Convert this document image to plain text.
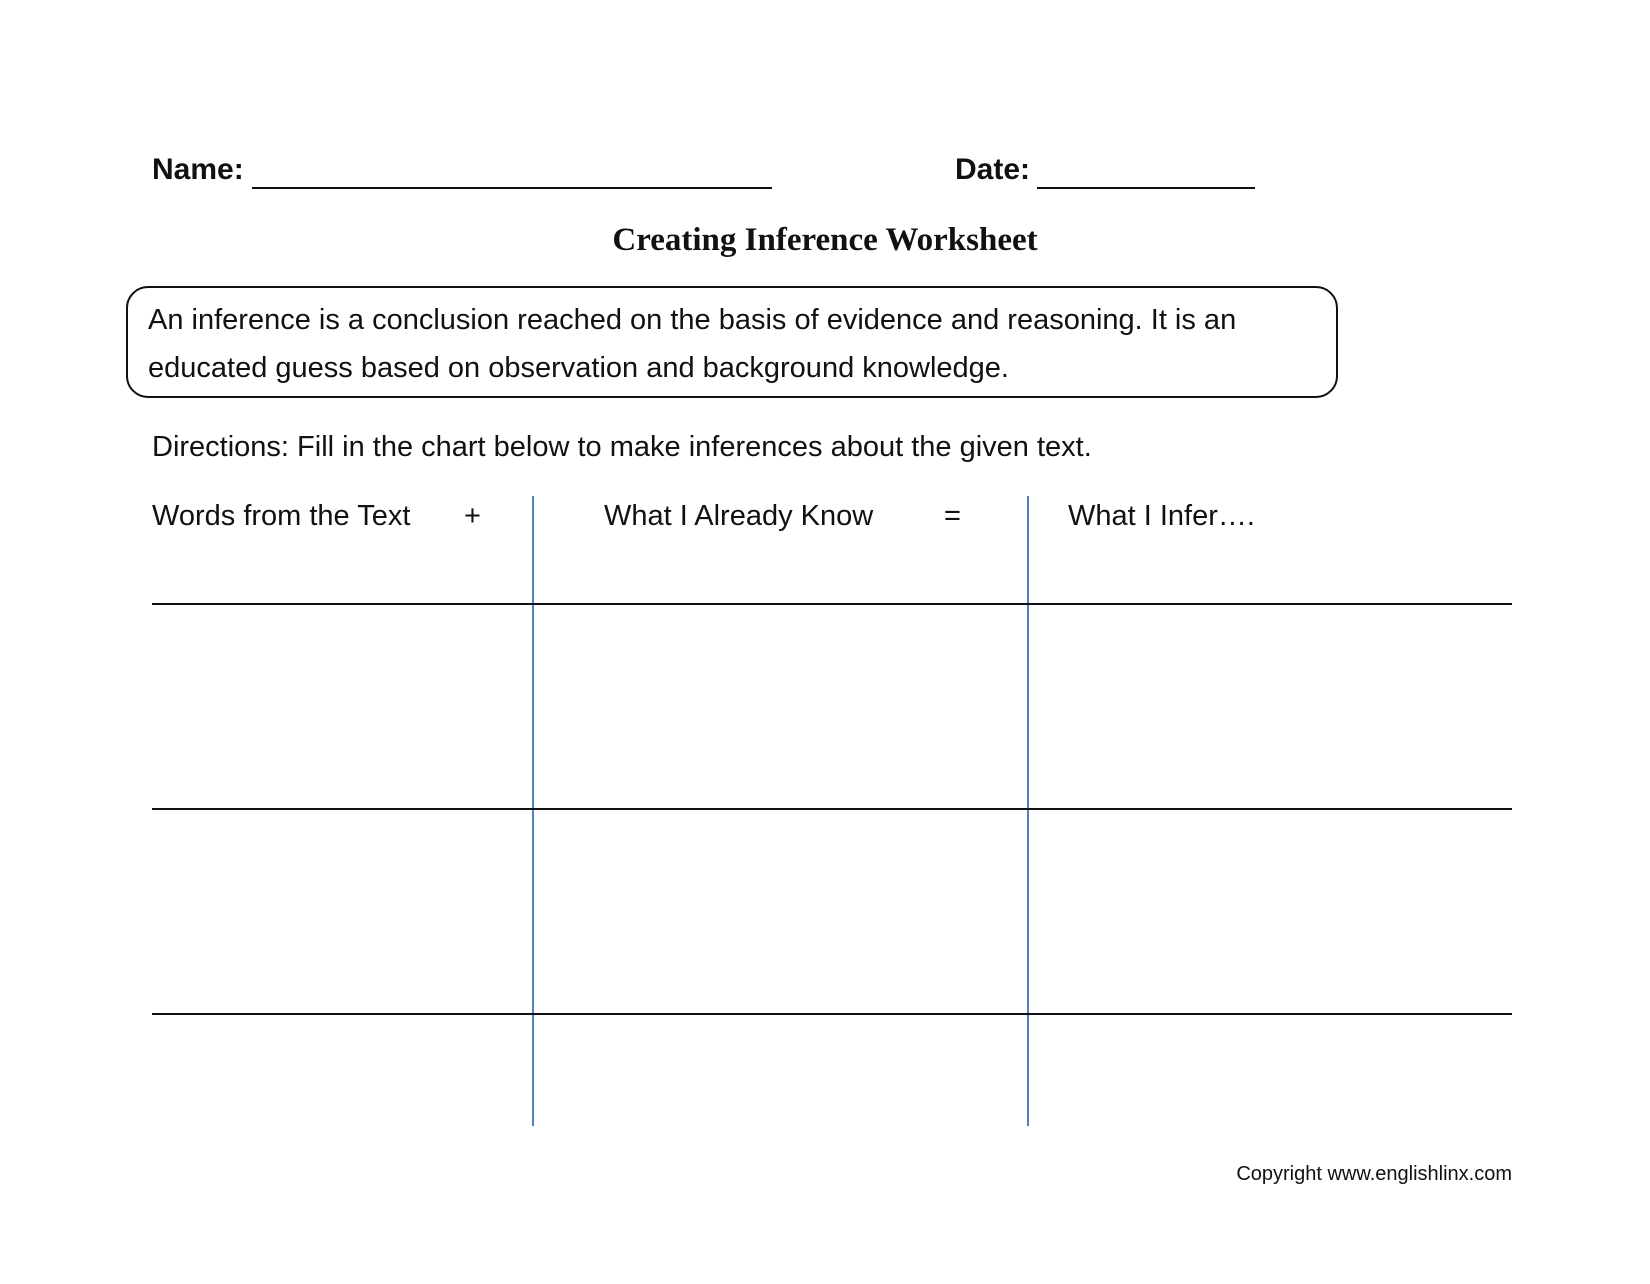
Name:	Date:
Creating Inference Worksheet
An inference is a conclusion reached on the basis of evidence and reasoning. It is an
educated guess based on observation and background knowledge.
Directions: Fill in the chart below to make inferences about the given text.
Words from the Text +	What I Already Know =	What I Infer….
Copyright www.englishlinx.com
